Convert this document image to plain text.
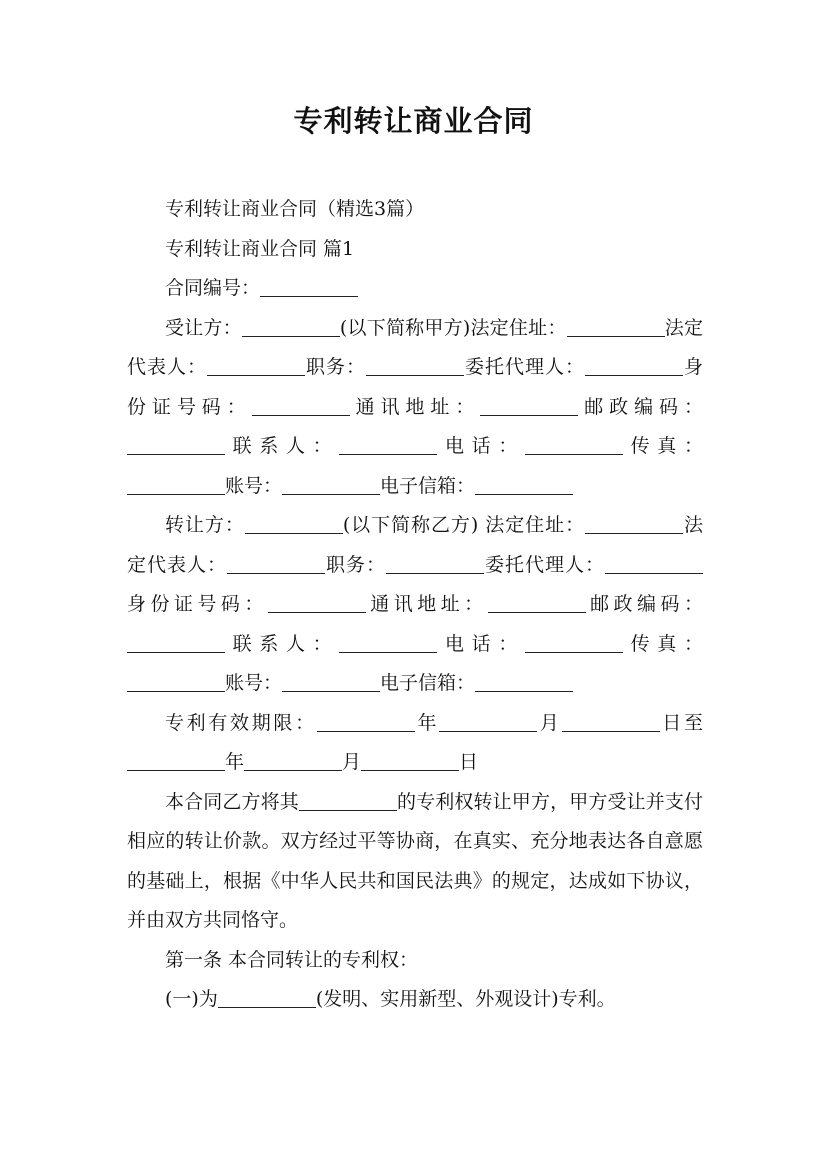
专利转让商业合同

专利转让商业合同（精选3篇）

专利转让商业合同 篇1

合同编号：

受让方：	(以下简称甲方)法定住址：	法定代表人：	职务：	委托代理人：	身份证号码：	通讯地址：	邮政编码：联系人：	电话：	传真：账号：	电子信箱：

转让方：	(以下简称乙方) 法定住址：	法定代表人：	职务：	委托代理人：身份证号码：	通讯地址：	邮政编码：联系人：	电话：	传真：账号：	电子信箱：

专利有效期限：	年	月	日至年	月	日

本合同乙方将其	的专利权转让甲方，甲方受让并支付相应的转让价款。双方经过平等协商，在真实、充分地表达各自意愿的基础上，根据《中华人民共和国民法典》的规定，达成如下协议，并由双方共同恪守。

第一条 本合同转让的专利权：

(一)为	(发明、实用新型、外观设计)专利。
